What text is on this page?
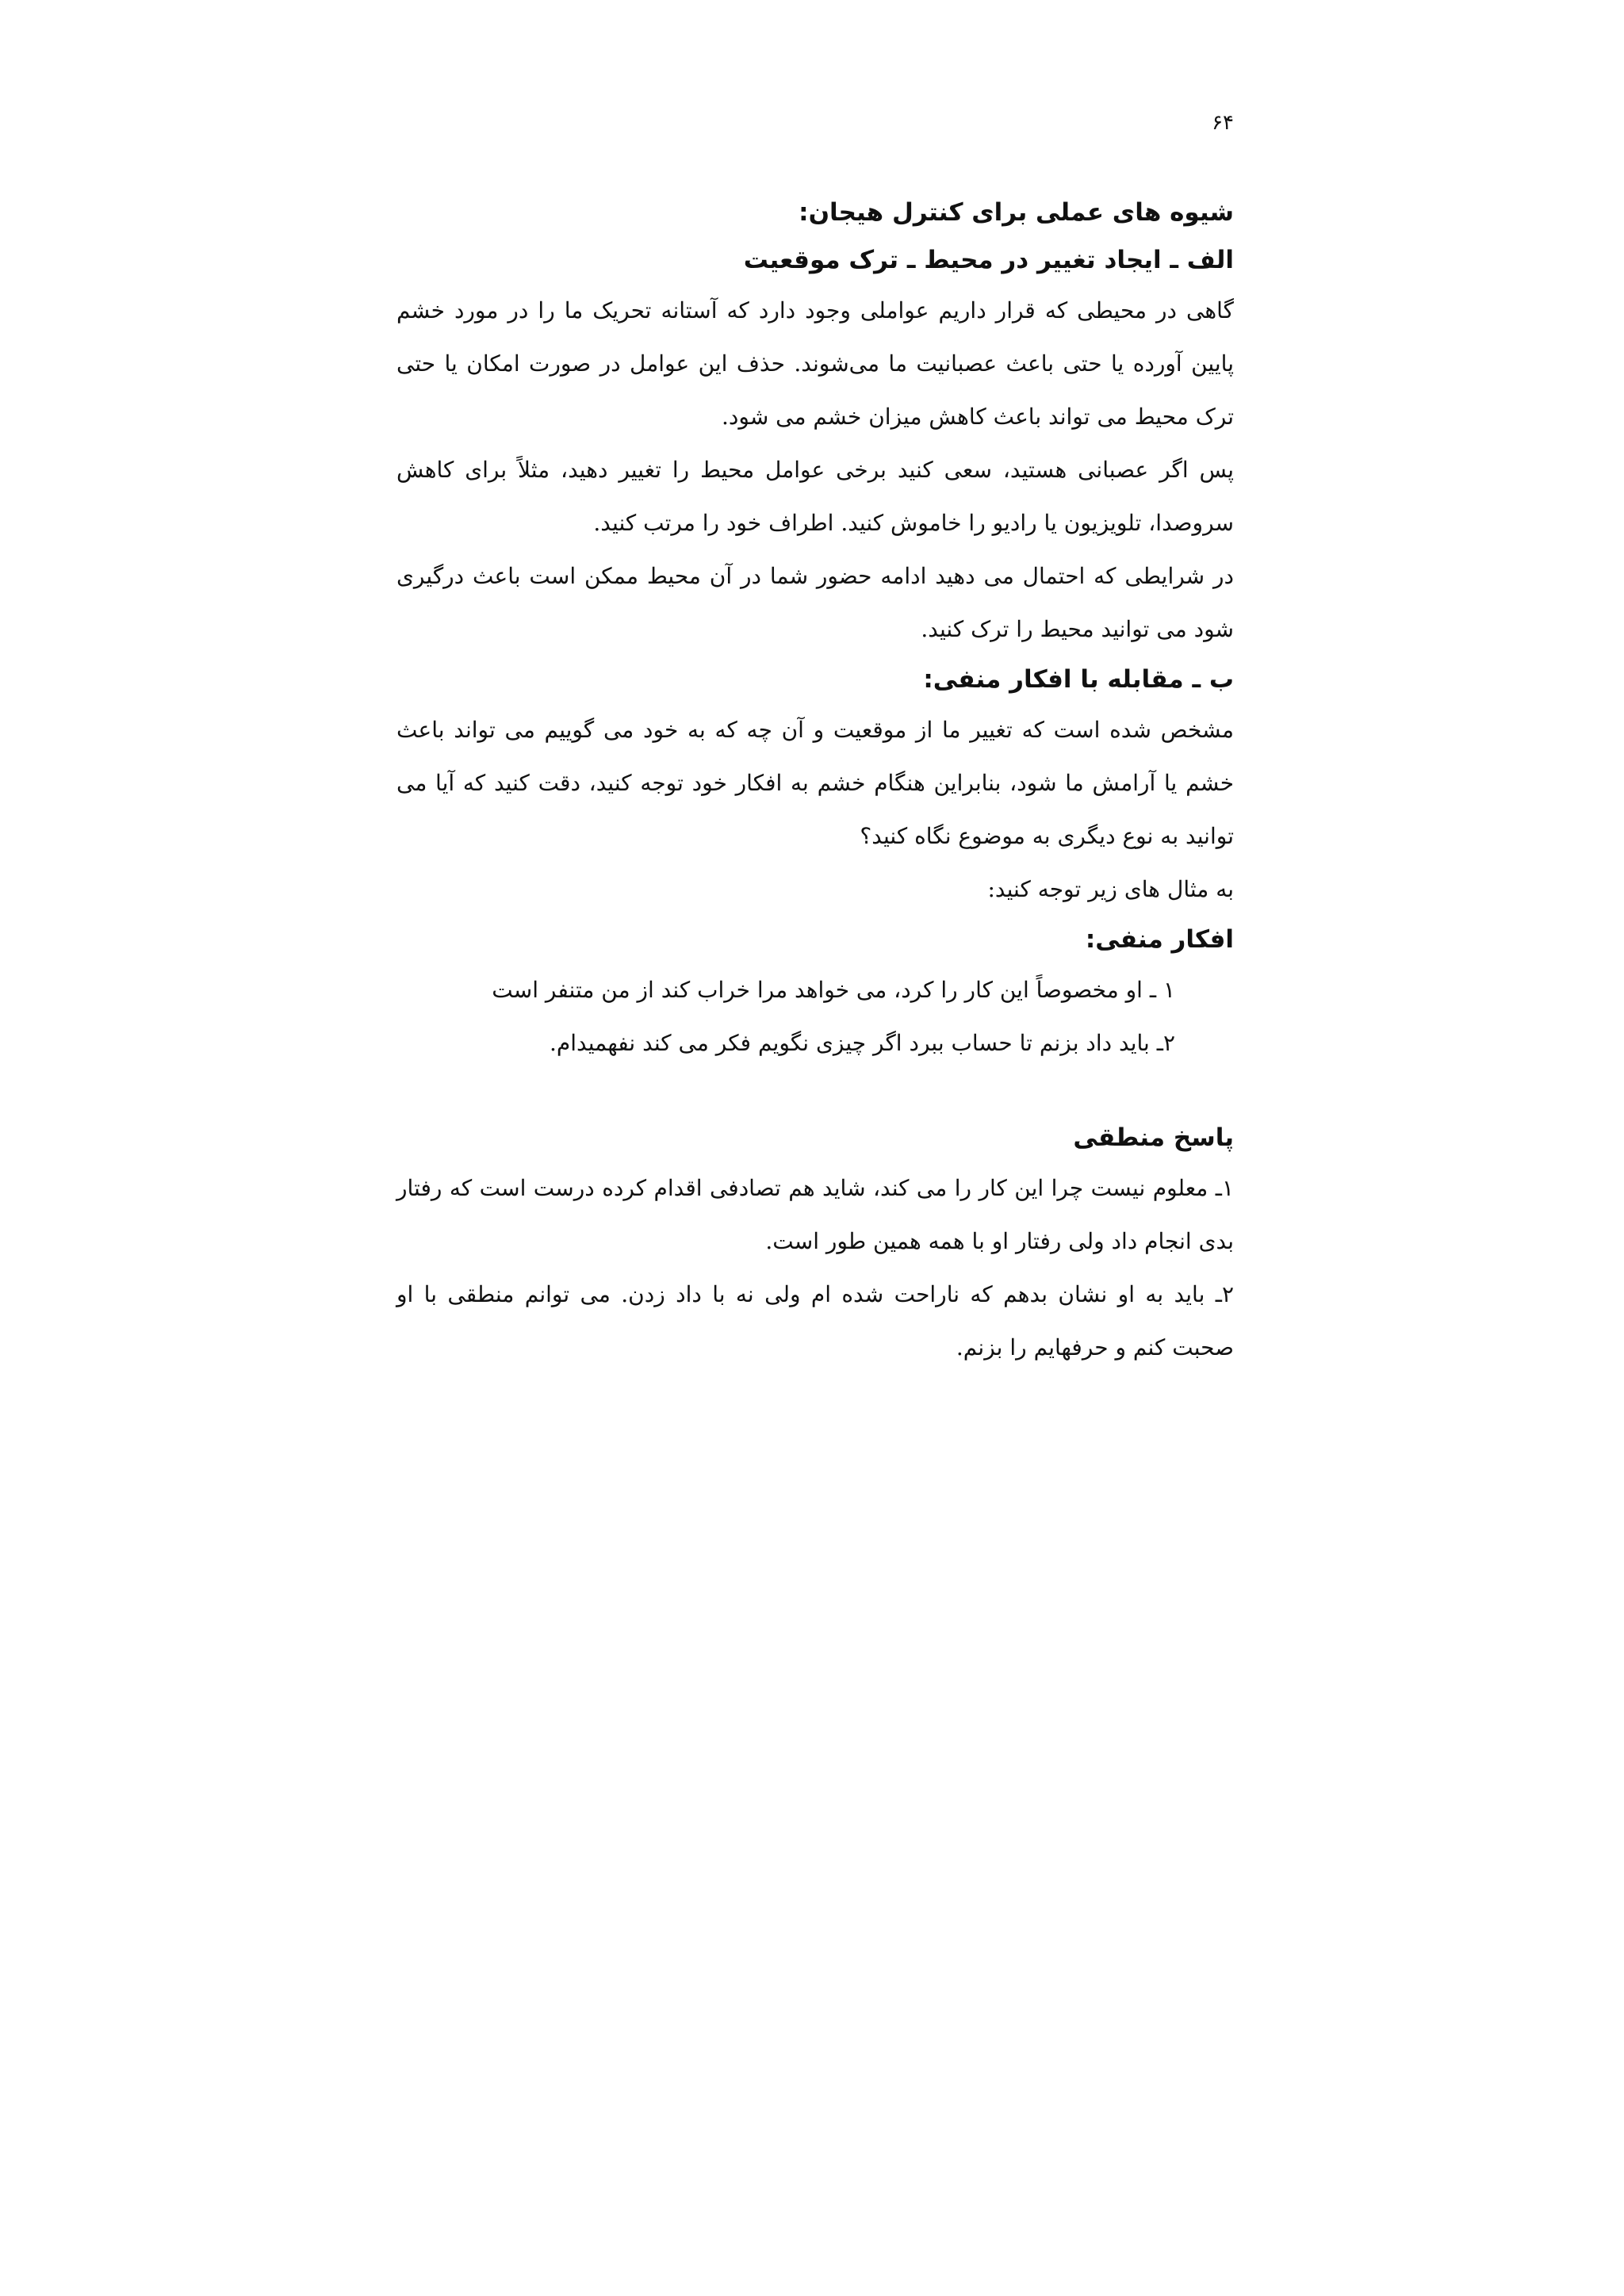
۶۴
شیوه های عملی برای کنترل هیجان:
الف ـ ایجاد تغییر در محیط ـ ترک موقعیت

گاهی در محیطی که قرار داریم عواملی وجود دارد که آستانه تحریک ما را در مورد خشم پایین آورده یا حتی باعث عصبانیت ما می‌شوند. حذف این عوامل در صورت امکان یا حتی ترک محیط می تواند باعث کاهش میزان خشم می شود.

پس اگر عصبانی هستید، سعی کنید برخی عوامل محیط را تغییر دهید، مثلاً برای کاهش سروصدا، تلویزیون یا رادیو را خاموش کنید. اطراف خود را مرتب کنید.

در شرایطی که احتمال می دهید ادامه حضور شما در آن محیط ممکن است باعث درگیری شود می توانید محیط را ترک کنید.

ب ـ مقابله با افکار منفی:

مشخص شده است که تغییر ما از موقعیت و آن چه که به خود می گوییم می تواند باعث خشم یا آرامش ما شود، بنابراین هنگام خشم به افکار خود توجه کنید، دقت کنید که آیا می توانید به نوع دیگری به موضوع نگاه کنید؟

به مثال های زیر توجه کنید:

افکار منفی:
۱ ـ او مخصوصاً این کار را کرد، می خواهد مرا خراب کند از من متنفر است
۲ـ باید داد بزنم تا حساب ببرد اگر چیزی نگویم فکر می کند نفهمیدام.
پاسخ منطقی

۱ـ معلوم نیست چرا این کار را می کند، شاید هم تصادفی اقدام کرده درست است که رفتار بدی انجام داد ولی رفتار او با همه همین طور است.

۲ـ باید به او نشان بدهم که ناراحت شده ام ولی نه با داد زدن. می توانم منطقی با او صحبت کنم و حرفهایم را بزنم.
